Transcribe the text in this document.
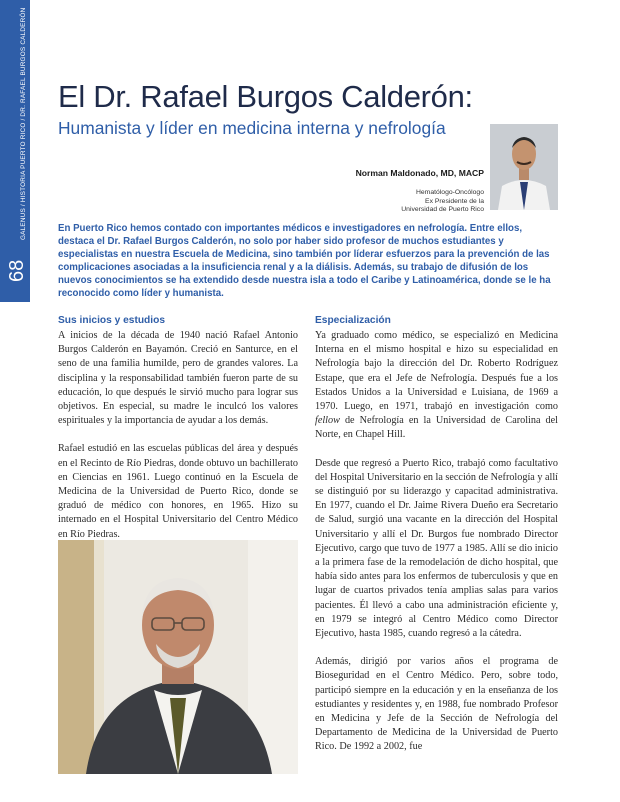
GALENUS / HISTORIA PUERTO RICO / DR. RAFAEL BURGOS CALDERÓN
68
El Dr. Rafael Burgos Calderón:
Humanista y líder en medicina interna y nefrología
Norman Maldonado, MD, MACP
Hematólogo-Oncólogo
Ex Presidente de la
Universidad de Puerto Rico
En Puerto Rico hemos contado con importantes médicos e investigadores en nefrología. Entre ellos, destaca el Dr. Rafael Burgos Calderón, no solo por haber sido profesor de muchos estudiantes y especialistas en nuestra Escuela de Medicina, sino también por líderar esfuerzos para la prevención de las complicaciones asociadas a la insuficiencia renal y a la diálisis. Además, su trabajo de difusión de los nuevos conocimientos se ha extendido desde nuestra isla a todo el Caribe y Latinoamérica, donde se le ha reconocido como líder y humanista.
Sus inicios y estudios

A inicios de la década de 1940 nació Rafael Antonio Burgos Calderón en Bayamón. Creció en Santurce, en el seno de una familia humilde, pero de grandes valores. La disciplina y la responsabilidad también fueron parte de su educación, lo que después le sirvió mucho para lograr sus objetivos. En especial, su madre le inculcó los valores espirituales y la importancia de ayudar a los demás.

Rafael estudió en las escuelas públicas del área y después en el Recinto de Río Piedras, donde obtuvo un bachillerato en Ciencias en 1961. Luego continuó en la Escuela de Medicina de la Universidad de Puerto Rico, donde se graduó de médico con honores, en 1965. Hizo su internado en el Hospital Universitario del Centro Médico en Río Piedras.

Especialización

Ya graduado como médico, se especializó en Medicina Interna en el mismo hospital e hizo su especialidad en Nefrología bajo la dirección del Dr. Roberto Rodríguez Estape, que era el Jefe de Nefrología. Después fue a los Estados Unidos a la Universidad e Luisiana, de 1969 a 1970. Luego, en 1971, trabajó en investigación como fellow de Nefrología en la Universidad de Carolina del Norte, en Chapel Hill.

Desde que regresó a Puerto Rico, trabajó como facultativo del Hospital Universitario en la sección de Nefrología y allí se distinguió por su liderazgo y capacitad administrativa. En 1977, cuando el Dr. Jaime Rivera Dueño era Secretario de Salud, surgió una vacante en la dirección del Hospital Universitario y allí el Dr. Burgos fue nombrado Director Ejecutivo, cargo que tuvo de 1977 a 1985. Allí se dio inicio a la primera fase de la remodelación de dicho hospital, que había sido antes para los enfermos de tuberculosis y que en lugar de cuartos privados tenía amplias salas para varios pacientes. Él llevó a cabo una administración eficiente y, en 1979 se integró al Centro Médico como Director Ejecutivo, hasta 1985, cuando regresó a la cátedra.

Además, dirigió por varios años el programa de Bioseguridad en el Centro Médico. Pero, sobre todo, participó siempre en la educación y en la enseñanza de los estudiantes y residentes y, en 1988, fue nombrado Profesor en Medicina y Jefe de la Sección de Nefrología del Departamento de Medicina de la Universidad de Puerto Rico. De 1992 a 2002, fue
